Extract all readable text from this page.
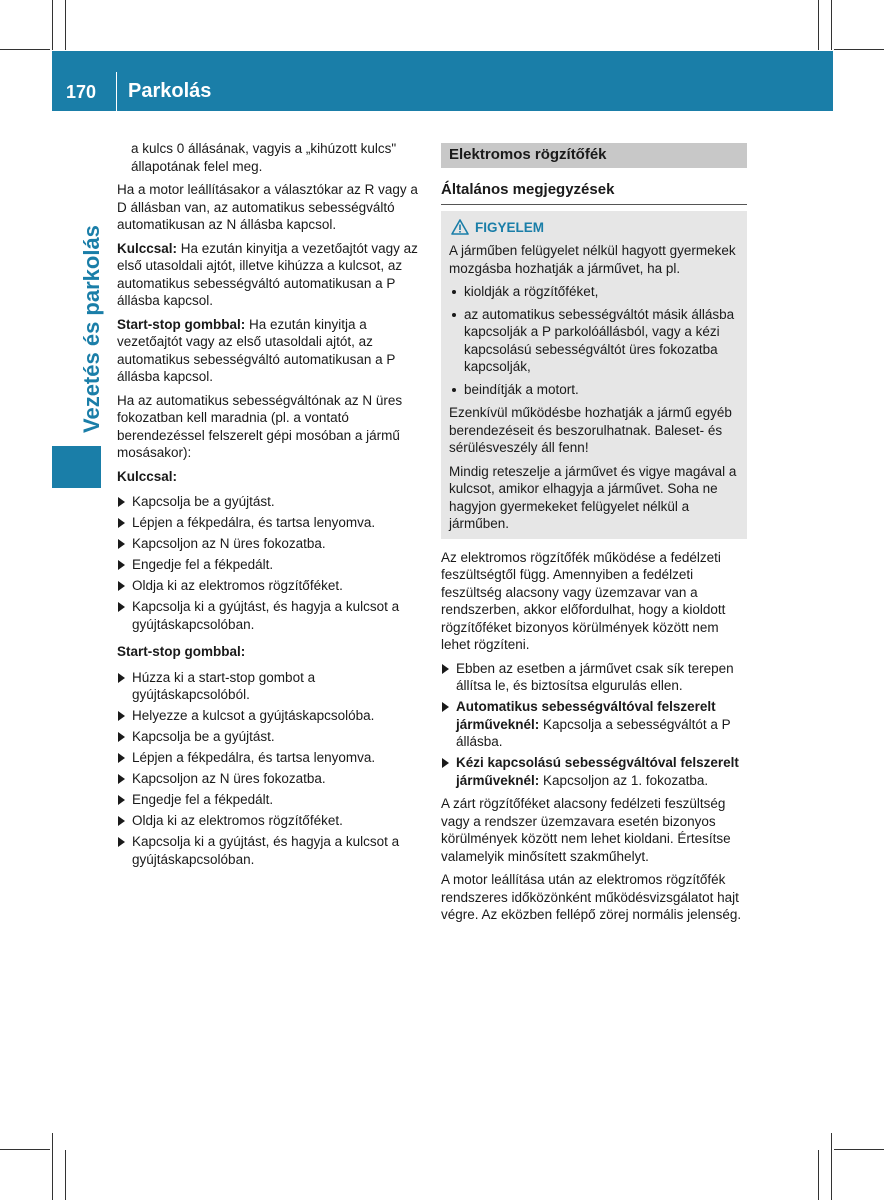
170 Parkolás
Vezetés és parkolás

a kulcs 0 állásának, vagyis a „kihúzott kulcs" állapotának felel meg.

Ha a motor leállításakor a választókar az R vagy a D állásban van, az automatikus sebességváltó automatikusan az N állásba kapcsol.

Kulccsal: Ha ezután kinyitja a vezetőajtót vagy az első utasoldali ajtót, illetve kihúzza a kulcsot, az automatikus sebességváltó automatikusan a P állásba kapcsol.

Start-stop gombbal: Ha ezután kinyitja a vezetőajtót vagy az első utasoldali ajtót, az automatikus sebességváltó automatikusan a P állásba kapcsol.

Ha az automatikus sebességváltónak az N üres fokozatban kell maradnia (pl. a vontató berendezéssel felszerelt gépi mosóban a jármű mosásakor):

Kulccsal:

Kapcsolja be a gyújtást.
Lépjen a fékpedálra, és tartsa lenyomva.
Kapcsoljon az N üres fokozatba.
Engedje fel a fékpedált.
Oldja ki az elektromos rögzítőféket.
Kapcsolja ki a gyújtást, és hagyja a kulcsot a gyújtáskapcsolóban.

Start-stop gombbal:

Húzza ki a start-stop gombot a gyújtáskapcsolóból.
Helyezze a kulcsot a gyújtáskapcsolóba.
Kapcsolja be a gyújtást.
Lépjen a fékpedálra, és tartsa lenyomva.
Kapcsoljon az N üres fokozatba.
Engedje fel a fékpedált.
Oldja ki az elektromos rögzítőféket.
Kapcsolja ki a gyújtást, és hagyja a kulcsot a gyújtáskapcsolóban.
Elektromos rögzítőfék
Általános megjegyzések
FIGYELEM

A járműben felügyelet nélkül hagyott gyermekek mozgásba hozhatják a járművet, ha pl.

kioldják a rögzítőféket,
az automatikus sebességváltót másik állásba kapcsolják a P parkolóállásból, vagy a kézi kapcsolású sebességváltót üres fokozatba kapcsolják,
beindítják a motort.

Ezenkívül működésbe hozhatják a jármű egyéb berendezéseit és beszorulhatnak. Baleset- és sérülésveszély áll fenn!

Mindig reteszelje a járművet és vigye magával a kulcsot, amikor elhagyja a járművet. Soha ne hagyjon gyermekeket felügyelet nélkül a járműben.

Az elektromos rögzítőfék működése a fedélzeti feszültségtől függ. Amennyiben a fedélzeti feszültség alacsony vagy üzemzavar van a rendszerben, akkor előfordulhat, hogy a kioldott rögzítőféket bizonyos körülmények között nem lehet rögzíteni.

Ebben az esetben a járművet csak sík terepen állítsa le, és biztosítsa elgurulás ellen.
Automatikus sebességváltóval felszerelt járműveknél: Kapcsolja a sebességváltót a P állásba.
Kézi kapcsolású sebességváltóval felszerelt járműveknél: Kapcsoljon az 1. fokozatba.

A zárt rögzítőféket alacsony fedélzeti feszültség vagy a rendszer üzemzavara esetén bizonyos körülmények között nem lehet kioldani. Értesítse valamelyik minősített szakműhelyt.

A motor leállítása után az elektromos rögzítőfék rendszeres időközönként működésvizsgálatot hajt végre. Az eközben fellépő zörej normális jelenség.
